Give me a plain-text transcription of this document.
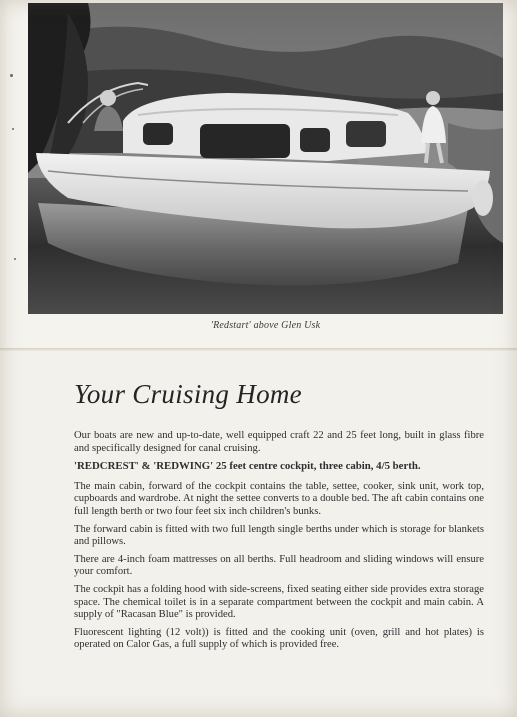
'Redstart' above Glen Usk
Your Cruising Home

Our boats are new and up-to-date, well equipped craft 22 and 25 feet long, built in glass fibre and specifically designed for canal cruising.

'REDCREST' & 'REDWING' 25 feet centre cockpit, three cabin, 4/5 berth.

The main cabin, forward of the cockpit contains the table, settee, cooker, sink unit, work top, cupboards and wardrobe. At night the settee converts to a double bed. The aft cabin contains one full length berth or two four feet six inch children's bunks.

The forward cabin is fitted with two full length single berths under which is storage for blankets and pillows.

There are 4-inch foam mattresses on all berths. Full headroom and sliding windows will ensure your comfort.

The cockpit has a folding hood with side-screens, fixed seating either side provides extra storage space. The chemical toilet is in a separate compartment between the cockpit and main cabin. A supply of "Racasan Blue" is provided.

Fluorescent lighting (12 volt)) is fitted and the cooking unit (oven, grill and hot plates) is operated on Calor Gas, a full supply of which is provided free.
